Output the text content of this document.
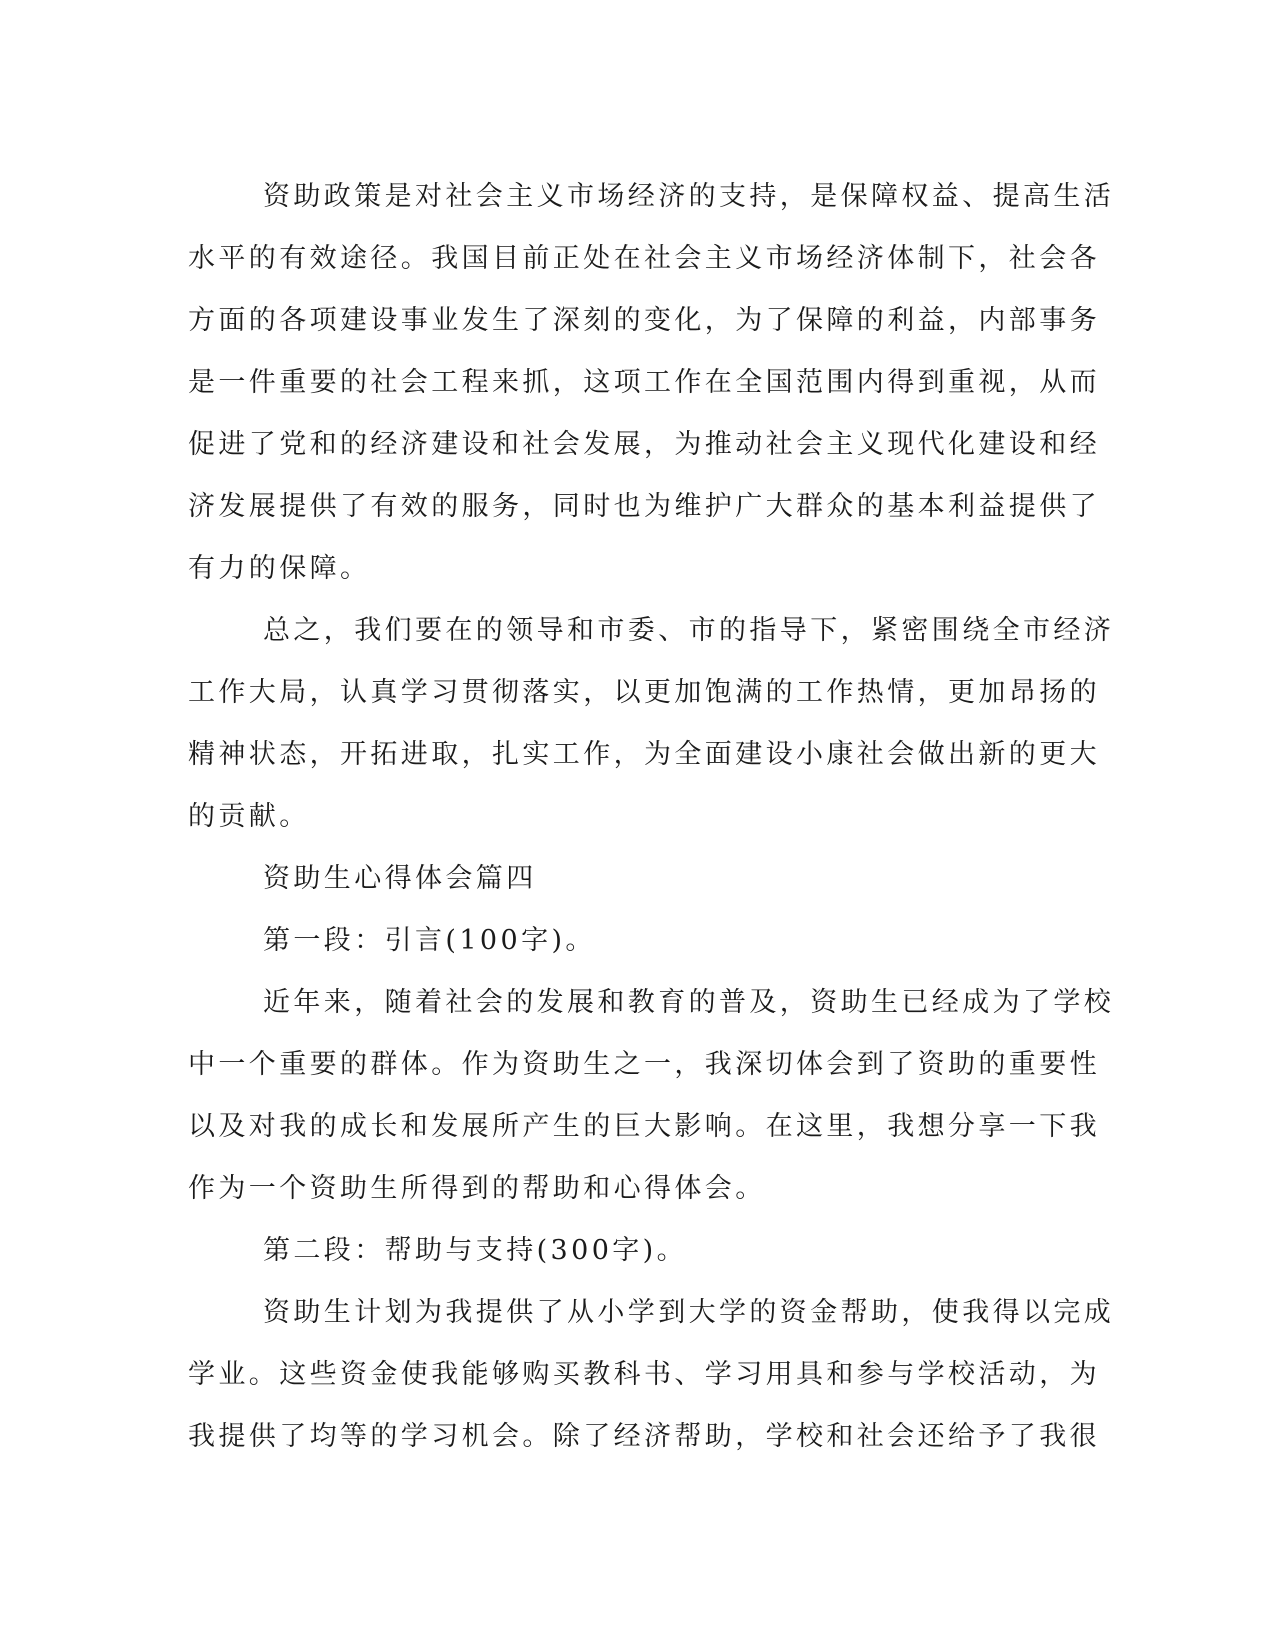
资助政策是对社会主义市场经济的支持，是保障权益、提高生活
水平的有效途径。我国目前正处在社会主义市场经济体制下，社会各
方面的各项建设事业发生了深刻的变化，为了保障的利益，内部事务
是一件重要的社会工程来抓，这项工作在全国范围内得到重视，从而
促进了党和的经济建设和社会发展，为推动社会主义现代化建设和经
济发展提供了有效的服务，同时也为维护广大群众的基本利益提供了
有力的保障。
总之，我们要在的领导和市委、市的指导下，紧密围绕全市经济
工作大局，认真学习贯彻落实，以更加饱满的工作热情，更加昂扬的
精神状态，开拓进取，扎实工作，为全面建设小康社会做出新的更大
的贡献。
资助生心得体会篇四
第一段：引言(100字)。
近年来，随着社会的发展和教育的普及，资助生已经成为了学校
中一个重要的群体。作为资助生之一，我深切体会到了资助的重要性
以及对我的成长和发展所产生的巨大影响。在这里，我想分享一下我
作为一个资助生所得到的帮助和心得体会。
第二段：帮助与支持(300字)。
资助生计划为我提供了从小学到大学的资金帮助，使我得以完成
学业。这些资金使我能够购买教科书、学习用具和参与学校活动，为
我提供了均等的学习机会。除了经济帮助，学校和社会还给予了我很
